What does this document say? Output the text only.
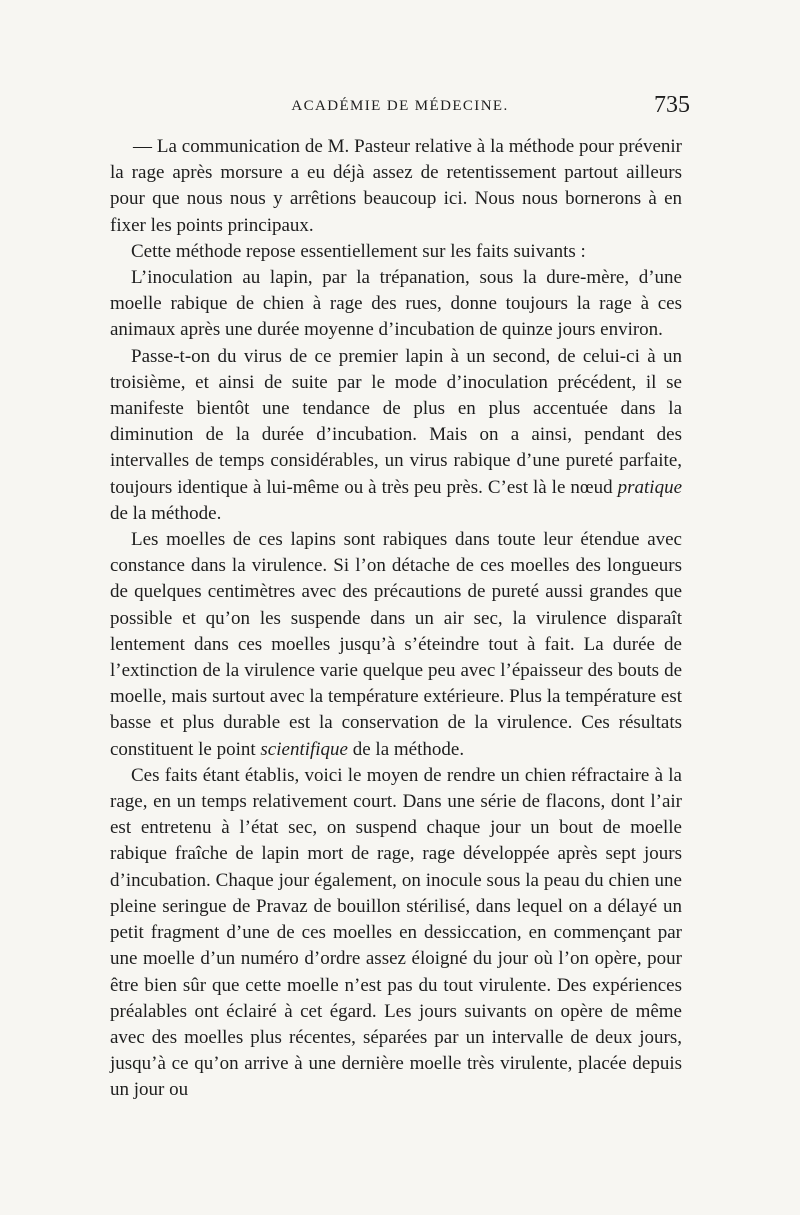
ACADÉMIE DE MÉDECINE.	735

— La communication de M. Pasteur relative à la méthode pour prévenir la rage après morsure a eu déjà assez de retentissement partout ailleurs pour que nous nous y arrêtions beaucoup ici. Nous nous bornerons à en fixer les points principaux.

Cette méthode repose essentiellement sur les faits suivants :

L’inoculation au lapin, par la trépanation, sous la dure-mère, d’une moelle rabique de chien à rage des rues, donne toujours la rage à ces animaux après une durée moyenne d’incubation de quinze jours environ.

Passe-t-on du virus de ce premier lapin à un second, de celui-ci à un troisième, et ainsi de suite par le mode d’inoculation précédent, il se manifeste bientôt une tendance de plus en plus accentuée dans la diminution de la durée d’incubation. Mais on a ainsi, pendant des intervalles de temps considérables, un virus rabique d’une pureté parfaite, toujours identique à lui-même ou à très peu près. C’est là le nœud pratique de la méthode.

Les moelles de ces lapins sont rabiques dans toute leur étendue avec constance dans la virulence. Si l’on détache de ces moelles des longueurs de quelques centimètres avec des précautions de pureté aussi grandes que possible et qu’on les suspende dans un air sec, la virulence disparaît lentement dans ces moelles jusqu’à s’éteindre tout à fait. La durée de l’extinction de la virulence varie quelque peu avec l’épaisseur des bouts de moelle, mais surtout avec la température extérieure. Plus la température est basse et plus durable est la conservation de la virulence. Ces résultats constituent le point scientifique de la méthode.

Ces faits étant établis, voici le moyen de rendre un chien réfractaire à la rage, en un temps relativement court. Dans une série de flacons, dont l’air est entretenu à l’état sec, on suspend chaque jour un bout de moelle rabique fraîche de lapin mort de rage, rage développée après sept jours d’incubation. Chaque jour également, on inocule sous la peau du chien une pleine seringue de Pravaz de bouillon stérilisé, dans lequel on a délayé un petit fragment d’une de ces moelles en dessiccation, en commençant par une moelle d’un numéro d’ordre assez éloigné du jour où l’on opère, pour être bien sûr que cette moelle n’est pas du tout virulente. Des expériences préalables ont éclairé à cet égard. Les jours suivants on opère de même avec des moelles plus récentes, séparées par un intervalle de deux jours, jusqu’à ce qu’on arrive à une dernière moelle très virulente, placée depuis un jour ou
